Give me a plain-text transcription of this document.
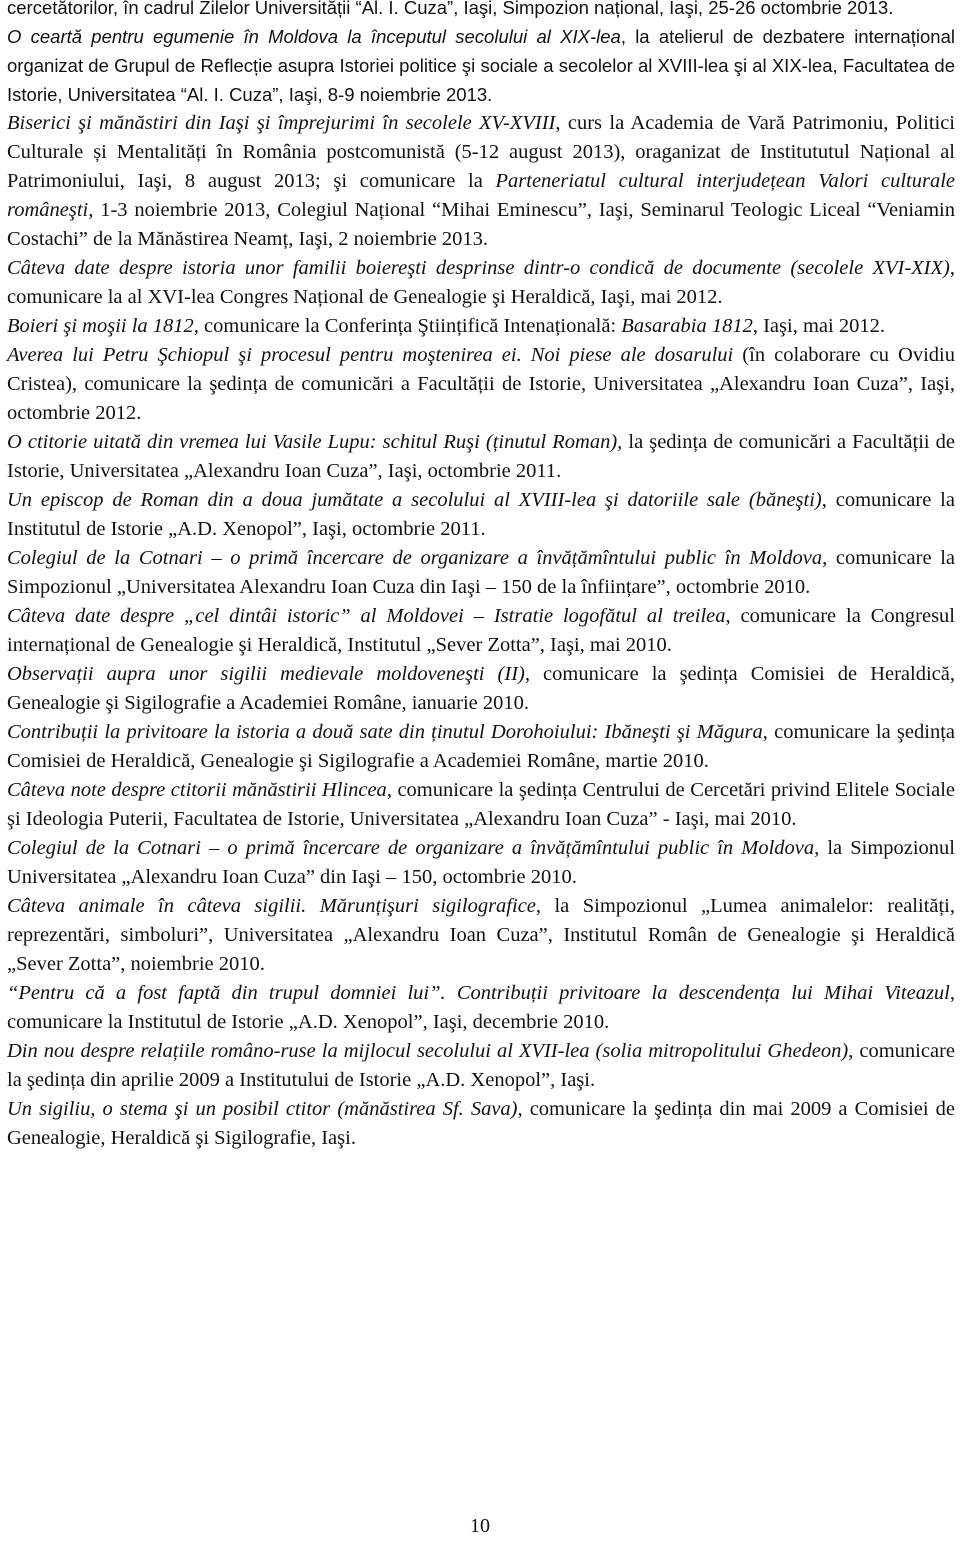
cercetătorilor, în cadrul Zilelor Universității “Al. I. Cuza”, Iaşi, Simpozion național, Iaşi, 25-26 octombrie 2013.

O ceartă pentru egumenie în Moldova la începutul secolului al XIX-lea, la atelierul de dezbatere internațional organizat de Grupul de Reflecție asupra Istoriei politice şi sociale a secolelor al XVIII-lea şi al XIX-lea, Facultatea de Istorie, Universitatea “Al. I. Cuza”, Iaşi, 8-9 noiembrie 2013.

Biserici şi mănăstiri din Iaşi şi împrejurimi în secolele XV-XVIII, curs la Academia de Vară Patrimoniu, Politici Culturale și Mentalități în România postcomunistă (5-12 august 2013), oraganizat de Institututul Național al Patrimoniului, Iaşi, 8 august 2013; şi comunicare la Parteneriatul cultural interjudețean Valori culturale româneşti, 1-3 noiembrie 2013, Colegiul Național “Mihai Eminescu”, Iaşi, Seminarul Teologic Liceal “Veniamin Costachi” de la Mănăstirea Neamț, Iaşi, 2 noiembrie 2013.

Câteva date despre istoria unor familii boiereşti desprinse dintr-o condică de documente (secolele XVI-XIX), comunicare la al XVI-lea Congres Național de Genealogie şi Heraldică, Iaşi, mai 2012.

Boieri şi moşii la 1812, comunicare la Conferința Ştiințifică Intenațională: Basarabia 1812, Iaşi, mai 2012.

Averea lui Petru Şchiopul şi procesul pentru moştenirea ei. Noi piese ale dosarului (în colaborare cu Ovidiu Cristea), comunicare la şedința de comunicări a Facultății de Istorie, Universitatea „Alexandru Ioan Cuza”, Iaşi, octombrie 2012.

O ctitorie uitată din vremea lui Vasile Lupu: schitul Ruşi (ținutul Roman), la şedința de comunicări a Facultății de Istorie, Universitatea „Alexandru Ioan Cuza”, Iaşi, octombrie 2011.

Un episcop de Roman din a doua jumătate a secolului al XVIII-lea şi datoriile sale (băneşti), comunicare la Institutul de Istorie „A.D. Xenopol”, Iaşi, octombrie 2011.

Colegiul de la Cotnari – o primă încercare de organizare a învățămîntului public în Moldova, comunicare la Simpozionul „Universitatea Alexandru Ioan Cuza din Iaşi – 150 de la înființare”, octombrie 2010.

Câteva date despre „cel dintâi istoric” al Moldovei – Istratie logofătul al treilea, comunicare la Congresul internațional de Genealogie şi Heraldică, Institutul „Sever Zotta”, Iaşi, mai 2010.

Observații aupra unor sigilii medievale moldoveneşti (II), comunicare la şedința Comisiei de Heraldică, Genealogie şi Sigilografie a Academiei Române, ianuarie 2010.

Contribuții la privitoare la istoria a două sate din ținutul Dorohoiului: Ibăneşti şi Măgura, comunicare la şedința Comisiei de Heraldică, Genealogie şi Sigilografie a Academiei Române, martie 2010.

Câteva note despre ctitorii mănăstirii Hlincea, comunicare la şedința Centrului de Cercetări privind Elitele Sociale şi Ideologia Puterii, Facultatea de Istorie, Universitatea „Alexandru Ioan Cuza” - Iaşi, mai 2010.

Colegiul de la Cotnari – o primă încercare de organizare a învățămîntului public în Moldova, la Simpozionul Universitatea „Alexandru Ioan Cuza” din Iaşi – 150, octombrie 2010.

Câteva animale în câteva sigilii. Mărunțişuri sigilografice, la Simpozionul „Lumea animalelor: realități, reprezentări, simboluri”, Universitatea „Alexandru Ioan Cuza”, Institutul Român de Genealogie şi Heraldică „Sever Zotta”, noiembrie 2010.

“Pentru că a fost faptă din trupul domniei lui”. Contribuții privitoare la descendența lui Mihai Viteazul, comunicare la Institutul de Istorie „A.D. Xenopol”, Iaşi, decembrie 2010.

Din nou despre relațiile româno-ruse la mijlocul secolului al XVII-lea (solia mitropolitului Ghedeon), comunicare la şedința din aprilie 2009 a Institutului de Istorie „A.D. Xenopol”, Iaşi.

Un sigiliu, o stema şi un posibil ctitor (mănăstirea Sf. Sava), comunicare la şedința din mai 2009 a Comisiei de Genealogie, Heraldică şi Sigilografie, Iaşi.

10
